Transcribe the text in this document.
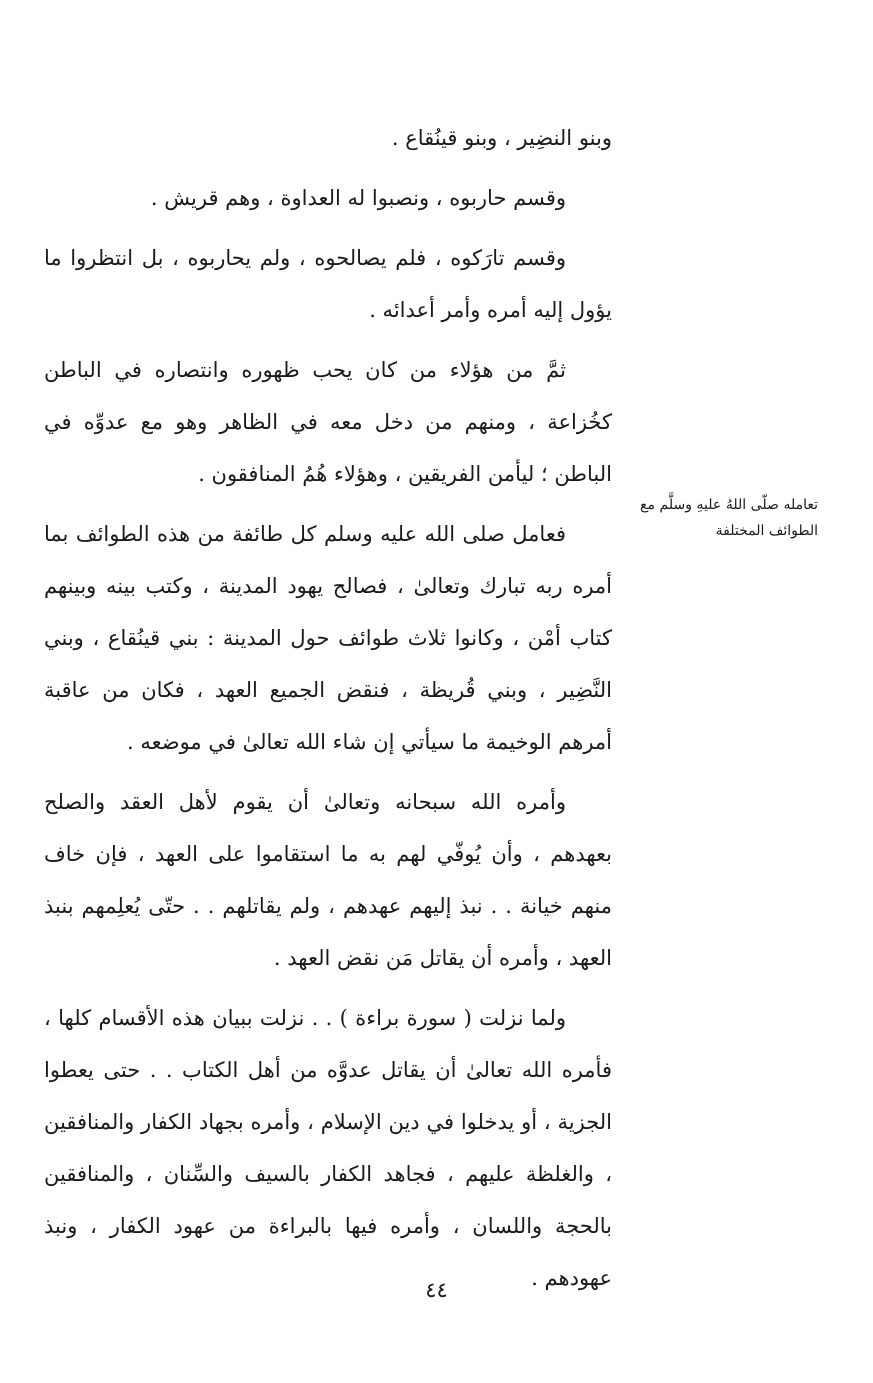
وبنو النضِير ، وبنو قينُقاع .

وقسم حاربوه ، ونصبوا له العداوة ، وهم قريش .

وقسم تارَكوه ، فلم يصالحوه ، ولم يحاربوه ، بل انتظروا ما يؤول إليه أمره وأمر أعدائه .

ثمَّ من هؤلاء من كان يحب ظهوره وانتصاره في الباطن كخُزاعة ، ومنهم من دخل معه في الظاهر وهو مع عدوِّه في الباطن ؛ ليأمن الفريقين ، وهؤلاء هُمُ المنافقون .

فعامل صلى الله عليه وسلم كل طائفة من هذه الطوائف بما أمره ربه تبارك وتعالىٰ ، فصالح يهود المدينة ، وكتب بينه وبينهم كتاب أمْن ، وكانوا ثلاث طوائف حول المدينة : بني قينُقاع ، وبني النَّضِير ، وبني قُريظة ، فنقض الجميع العهد ، فكان من عاقبة أمرهم الوخيمة ما سيأتي إن شاء الله تعالىٰ في موضعه .

وأمره الله سبحانه وتعالىٰ أن يقوم لأهل العقد والصلح بعهدهم ، وأن يُوفّي لهم به ما استقاموا على العهد ، فإن خاف منهم خيانة . . نبذ إليهم عهدهم ، ولم يقاتلهم . . حتّى يُعلِمهم بنبذ العهد ، وأمره أن يقاتل مَن نقض العهد .

ولما نزلت ( سورة براءة ) . . نزلت ببيان هذه الأقسام كلها ، فأمره الله تعالىٰ أن يقاتل عدوَّه من أهل الكتاب . . حتى يعطوا الجزية ، أو يدخلوا في دين الإسلام ، وأمره بجهاد الكفار والمنافقين ، والغلظة عليهم ، فجاهد الكفار بالسيف والسِّنان ، والمنافقين بالحجة واللسان ، وأمره فيها بالبراءة من عهود الكفار ، ونبذ عهودهم .

تعامله صلّى اللهُ عليهِ وسلَّم مع الطوائف المختلفة
٤٤
